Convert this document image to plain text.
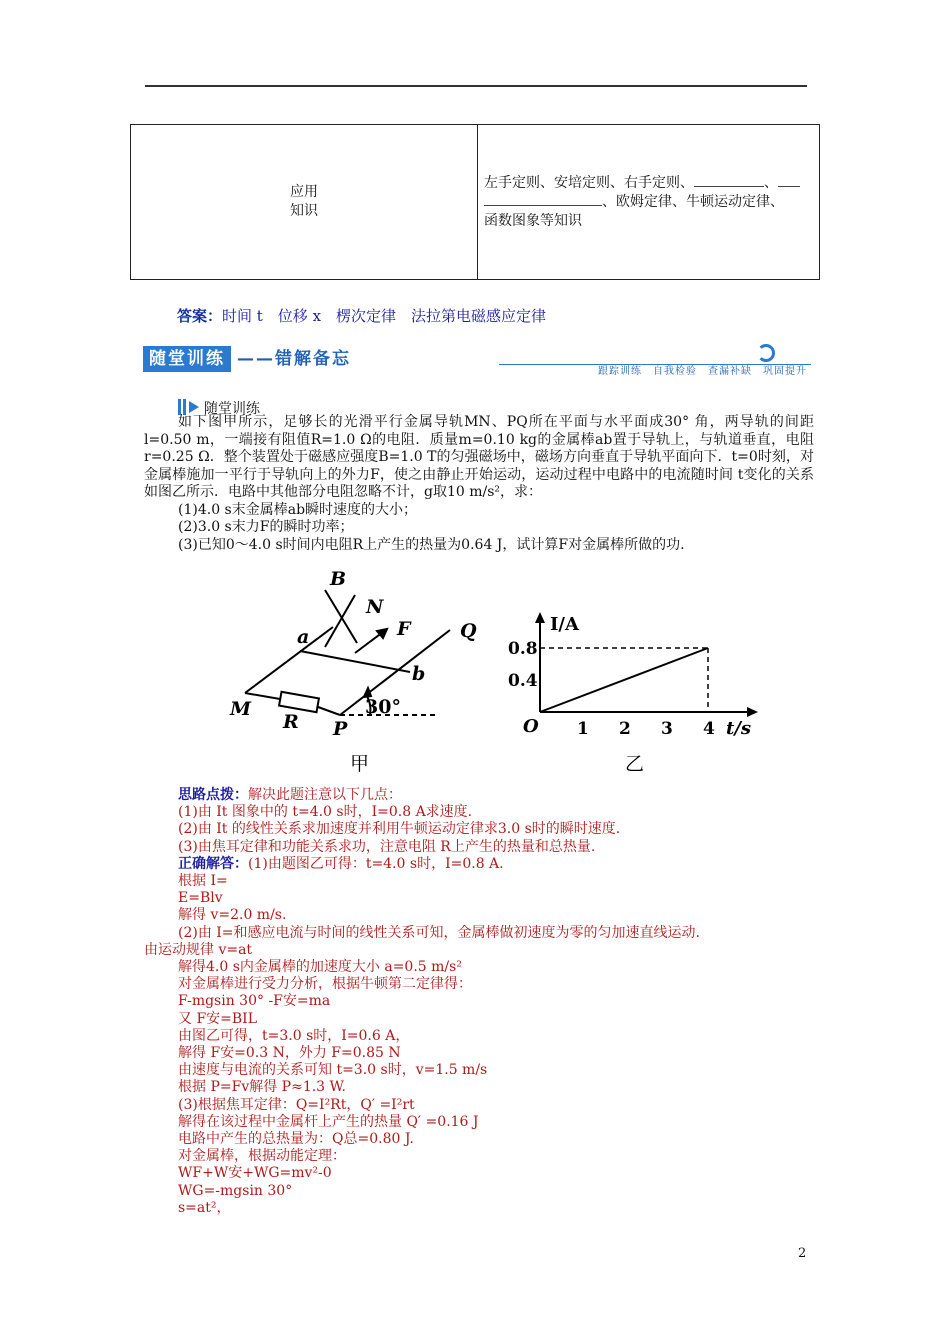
应用
知识

左手定则、安培定则、右手定则、	、
、欧姆定律、牛顿运动定律、
函数图象等知识
答案：时间 t　位移 x　楞次定律　法拉第电磁感应定律
随堂训练 ——错解备忘
跟踪训练　自我检验　查漏补缺　巩固提升
随堂训练

如下图甲所示，足够长的光滑平行金属导轨MN、PQ所在平面与水平面成30° 角，两导轨的间距 l=0.50 m，一端接有阻值R=1.0 Ω的电阻．质量m=0.10 kg的金属棒ab置于导轨上，与轨道垂直，电阻 r=0.25 Ω．整个装置处于磁感应强度B=1.0 T的匀强磁场中，磁场方向垂直于导轨平面向下．t=0时刻，对金属棒施加一平行于导轨向上的外力F，使之由静止开始运动，运动过程中电路中的电流随时间 t变化的关系如图乙所示．电路中其他部分电阻忽略不计，g取10 m/s²，求：

(1)4.0 s末金属棒ab瞬时速度的大小；

(2)3.0 s末力F的瞬时功率；

(3)已知0～4.0 s时间内电阻R上产生的热量为0.64 J，试计算F对金属棒所做的功.

B
N
F	Q
a
b
M
R P
30°
甲
1 2 3 4
0.4
0.8
I/A
t/s
O
乙

思路点拨：解决此题注意以下几点：

(1)由 It 图象中的 t=4.0 s时，I=0.8 A求速度.

(2)由 It 的线性关系求加速度并利用牛顿运动定律求3.0 s时的瞬时速度.

(3)由焦耳定律和功能关系求功，注意电阻 R上产生的热量和总热量.

正确解答：(1)由题图乙可得：t=4.0 s时，I=0.8 A.

根据 I=

E=Blv

解得 v=2.0 m/s.

(2)由 I=和感应电流与时间的线性关系可知，金属棒做初速度为零的匀加速直线运动.

由运动规律 v=at

解得4.0 s内金属棒的加速度大小 a=0.5 m/s²

对金属棒进行受力分析，根据牛顿第二定律得：

F-mgsin 30° -F安=ma

又 F安=BIL

由图乙可得，t=3.0 s时，I=0.6 A，

解得 F安=0.3 N，外力 F=0.85 N

由速度与电流的关系可知 t=3.0 s时，v=1.5 m/s

根据 P=Fv解得 P≈1.3 W.

(3)根据焦耳定律：Q=I²Rt，Q′ =I²rt

解得在该过程中金属杆上产生的热量 Q′ =0.16 J

电路中产生的总热量为：Q总=0.80 J.

对金属棒，根据动能定理：

WF+W安+WG=mv²-0

WG=-mgsin 30°

s=at²，

2
